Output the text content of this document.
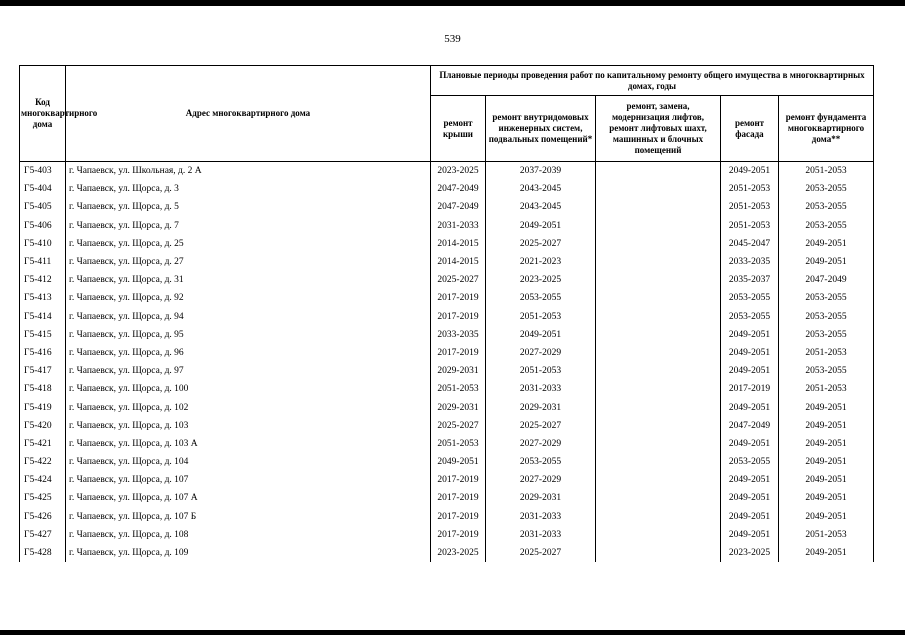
539
Код многоквартирного дома	Адрес многоквартирного дома	Плановые периоды проведения работ по капитальному ремонту общего имущества в многоквартирных домах, годы				
		ремонт крыши	ремонт внутридомовых инженерных систем, подвальных помещений*	ремонт, замена, модернизация лифтов, ремонт лифтовых шахт, машинных и блочных помещений	ремонт фасада	ремонт фундамента многоквартирного дома**
Г5-403	г. Чапаевск, ул. Школьная, д. 2 А	2023-2025	2037-2039		2049-2051	2051-2053
Г5-404	г. Чапаевск, ул. Щорса, д. 3	2047-2049	2043-2045		2051-2053	2053-2055
Г5-405	г. Чапаевск, ул. Щорса, д. 5	2047-2049	2043-2045		2051-2053	2053-2055
Г5-406	г. Чапаевск, ул. Щорса, д. 7	2031-2033	2049-2051		2051-2053	2053-2055
Г5-410	г. Чапаевск, ул. Щорса, д. 25	2014-2015	2025-2027		2045-2047	2049-2051
Г5-411	г. Чапаевск, ул. Щорса, д. 27	2014-2015	2021-2023		2033-2035	2049-2051
Г5-412	г. Чапаевск, ул. Щорса, д. 31	2025-2027	2023-2025		2035-2037	2047-2049
Г5-413	г. Чапаевск, ул. Щорса, д. 92	2017-2019	2053-2055		2053-2055	2053-2055
Г5-414	г. Чапаевск, ул. Щорса, д. 94	2017-2019	2051-2053		2053-2055	2053-2055
Г5-415	г. Чапаевск, ул. Щорса, д. 95	2033-2035	2049-2051		2049-2051	2053-2055
Г5-416	г. Чапаевск, ул. Щорса, д. 96	2017-2019	2027-2029		2049-2051	2051-2053
Г5-417	г. Чапаевск, ул. Щорса, д. 97	2029-2031	2051-2053		2049-2051	2053-2055
Г5-418	г. Чапаевск, ул. Щорса, д. 100	2051-2053	2031-2033		2017-2019	2051-2053
Г5-419	г. Чапаевск, ул. Щорса, д. 102	2029-2031	2029-2031		2049-2051	2049-2051
Г5-420	г. Чапаевск, ул. Щорса, д. 103	2025-2027	2025-2027		2047-2049	2049-2051
Г5-421	г. Чапаевск, ул. Щорса, д. 103 А	2051-2053	2027-2029		2049-2051	2049-2051
Г5-422	г. Чапаевск, ул. Щорса, д. 104	2049-2051	2053-2055		2053-2055	2049-2051
Г5-424	г. Чапаевск, ул. Щорса, д. 107	2017-2019	2027-2029		2049-2051	2049-2051
Г5-425	г. Чапаевск, ул. Щорса, д. 107 А	2017-2019	2029-2031		2049-2051	2049-2051
Г5-426	г. Чапаевск, ул. Щорса, д. 107 Б	2017-2019	2031-2033		2049-2051	2049-2051
Г5-427	г. Чапаевск, ул. Щорса, д. 108	2017-2019	2031-2033		2049-2051	2051-2053
Г5-428	г. Чапаевск, ул. Щорса, д. 109	2023-2025	2025-2027		2023-2025	2049-2051
